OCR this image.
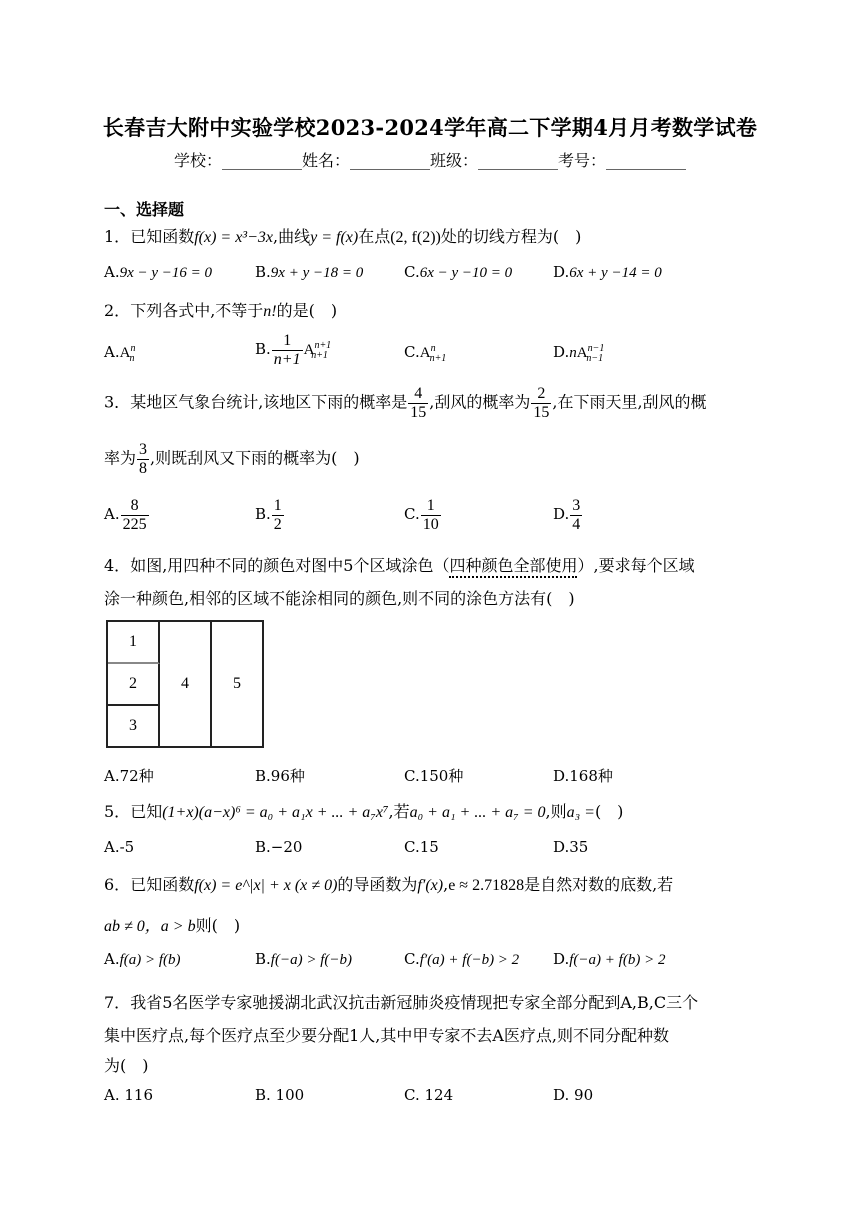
长春吉大附中实验学校2023-2024学年高二下学期4月月考数学试卷
学校：__________姓名：__________班级：__________考号：__________
一、选择题
1．已知函数f(x) = x³−3x,曲线y = f(x)在点(2, f(2))处的切线方程为(　)
A.9x − y −16 = 0	B.9x + y −18 = 0	C.6x − y −10 = 0	D.6x + y −14 = 0
2．下列各式中,不等于n!的是(　)
$A.A^n_n$
B. $\frac{1}{n+1} A^{n+1}_{n+1}$	$C.A^n_{n+1}$	$D.nA^{n-1}_{n-1}$
3．某地区气象台统计,该地区下雨的概率是 $\frac{4}{15}$ ,刮风的概率为 $\frac{2}{15}$ ,在下雨天里,刮风的概
率为 $\frac{3}{8}$ ,则既刮风又下雨的概率为(　)
A. $\frac{8}{225}$	B. $\frac{1}{2}$	C. $\frac{1}{10}$	D. $\frac{3}{4}$
4．如图,用四种不同的颜色对图中5个区域涂色（四种颜色全部使用）,要求每个区域
涂一种颜色,相邻的区域不能涂相同的颜色,则不同的涂色方法有(　)
1
2
3
4	5
A.72种	B.96种	C.150种	D.168种
5．已知(1+x)(a−x)⁶ = a₀ + a₁x + ... + a₇x⁷,若a₀ + a₁ + ... + a₇ = 0,则a₃ =(　)
A.-5	B.−20	C.15	D.35
6．已知函数f(x) = e^|x| + x (x ≠ 0)的导函数为f′(x),e ≈ 2.71828是自然对数的底数,若
ab ≠ 0，a > b则(　)
A.f(a) > f(b)	B.f(−a) > f(−b)	C.f′(a) + f(−b) > 2 D.f(−a) + f(b) > 2
7．我省5名医学专家驰援湖北武汉抗击新冠肺炎疫情现把专家全部分配到A,B,C三个
集中医疗点,每个医疗点至少要分配1人,其中甲专家不去A医疗点,则不同分配种数
为(　)
A. 116	B. 100	C. 124	D. 90
